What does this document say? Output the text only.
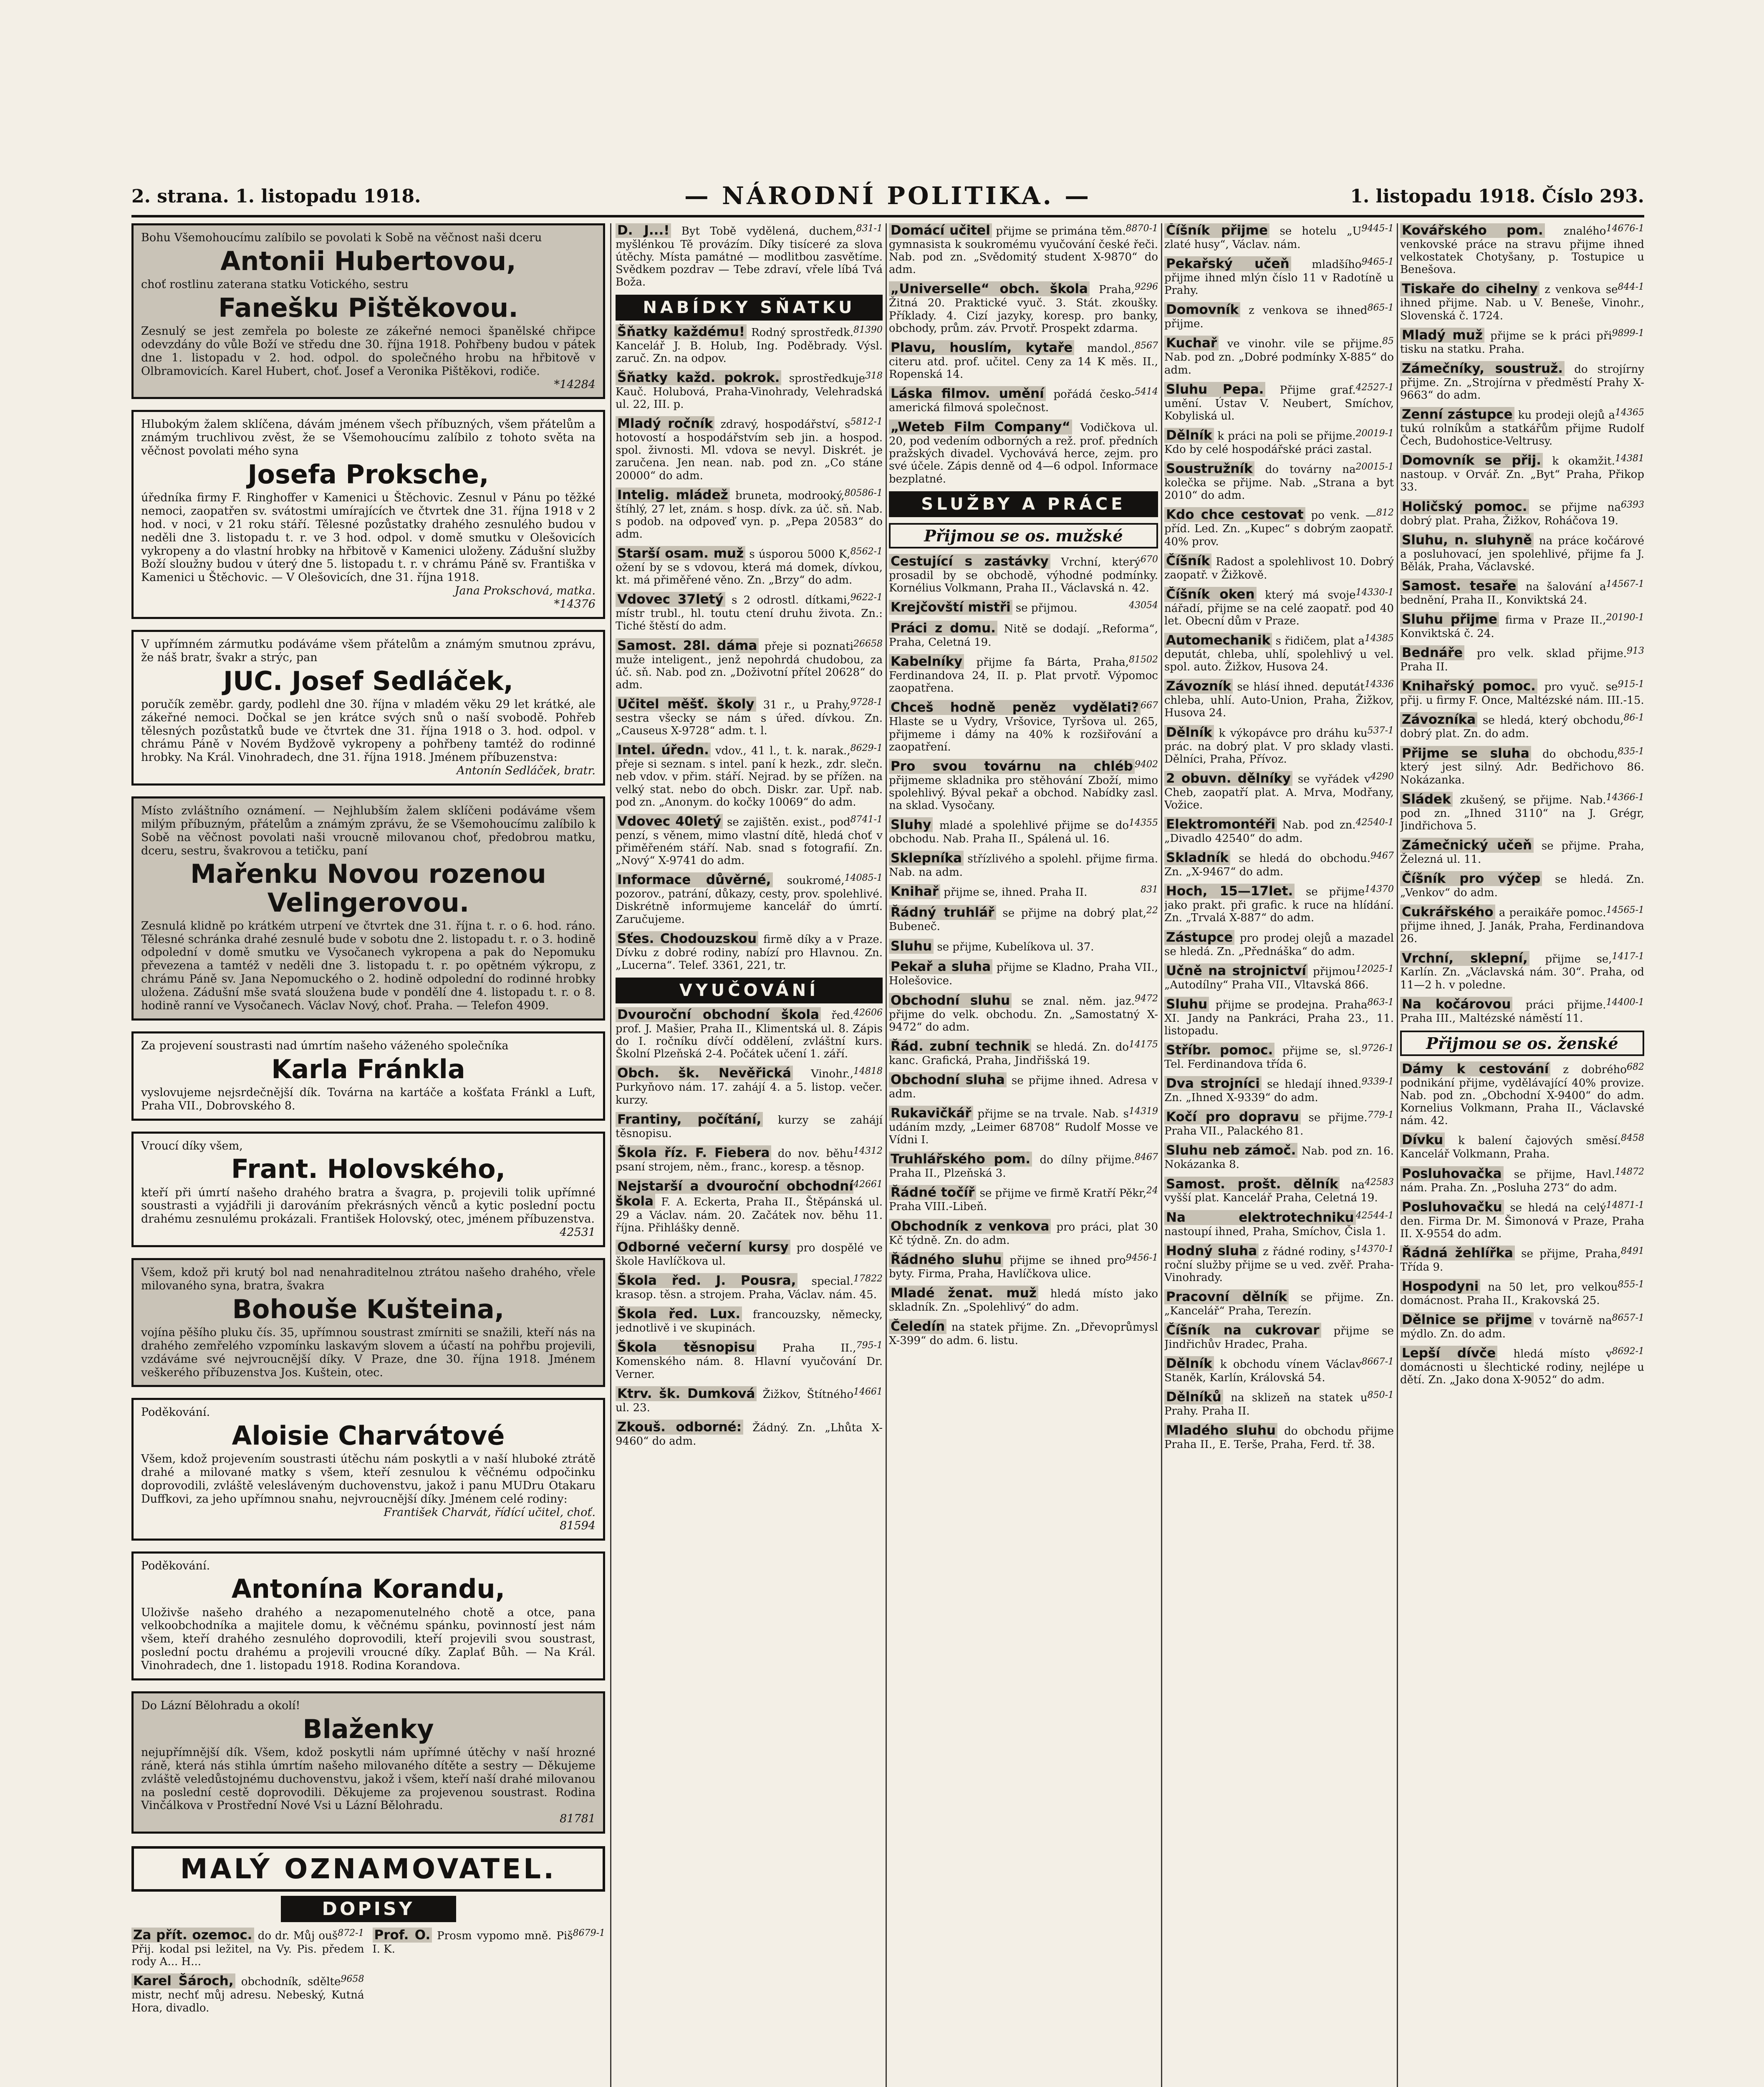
2. strana. 1. listopadu 1918.	— NÁRODNÍ POLITIKA. —	1. listopadu 1918. Číslo 293.
Bohu Všemohoucímu zalíbilo se povolati k Sobě na věčnost naši dceru
Antonii Hubertovou,
choť rostlinu zaterana statku Votického, sestru
Fanešku Pištěkovou.
Zesnulý se jest zemřela po boleste ze zákeřné nemoci španělské chřipce odevzdány do vůle Boží ve středu dne 30. října 1918. Pohřbeny budou v pátek dne 1. listopadu v 2. hod. odpol. do společného hrobu na hřbitově v Olbramovicích. Karel Hubert, choť. Josef a Veronika Pištěkovi, rodiče.
*14284
Hlubokým žalem sklíčena, dávám jménem všech příbuzných, všem přátelům a známým truchlivou zvěst, že se Všemohoucímu zalíbilo z tohoto světa na věčnost povolati mého syna
Josefa Proksche,
úředníka firmy F. Ringhoffer v Kamenici u Štěchovic. Zesnul v Pánu po těžké nemoci, zaopatřen sv. svátostmi umírajících ve čtvrtek dne 31. října 1918 v 2 hod. v noci, v 21 roku stáří. Tělesné pozůstatky drahého zesnulého budou v neděli dne 3. listopadu t. r. ve 3 hod. odpol. v domě smutku v Olešovicích vykropeny a do vlastní hrobky na hřbitově v Kamenici uloženy. Zádušní služby Boží sloužny budou v úterý dne 5. listopadu t. r. v chrámu Páně sv. Františka v Kamenici u Štěchovic. — V Olešovicích, dne 31. října 1918.
Jana Prokschová, matka.
*14376
V upřímném zármutku podáváme všem přátelům a známým smutnou zprávu, že náš bratr, švakr a strýc, pan
JUC. Josef Sedláček,
poručík zeměbr. gardy, podlehl dne 30. října v mladém věku 29 let krátké, ale zákeřné nemoci. Dočkal se jen krátce svých snů o naší svobodě. Pohřeb tělesných pozůstatků bude ve čtvrtek dne 31. října 1918 o 3. hod. odpol. v chrámu Páně v Novém Bydžově vykropeny a pohřbeny tamtéž do rodinné hrobky. Na Král. Vinohradech, dne 31. října 1918. Jménem příbuzenstva:
Antonín Sedláček, bratr.
Místo zvláštního oznámení. — Nejhlubším žalem sklíčeni podáváme všem milým příbuzným, přátelům a známým zprávu, že se Všemohoucímu zalíbilo k Sobě na věčnost povolati naši vroucně milovanou choť, předobrou matku, dceru, sestru, švakrovou a tetičku, paní
Mařenku Novou rozenou Velingerovou.
Zesnulá klidně po krátkém utrpení ve čtvrtek dne 31. října t. r. o 6. hod. ráno. Tělesné schránka drahé zesnulé bude v sobotu dne 2. listopadu t. r. o 3. hodině odpolední v domě smutku ve Vysočanech vykropena a pak do Nepomuku převezena a tamtéž v neděli dne 3. listopadu t. r. po opětném výkropu, z chrámu Páně sv. Jana Nepomuckého o 2. hodině odpolední do rodinné hrobky uložena. Zádušní mše svatá sloužena bude v pondělí dne 4. listopadu t. r. o 8. hodině ranní ve Vysočanech. Václav Nový, choť. Praha. — Telefon 4909.
Za projevení soustrasti nad úmrtím našeho váženého společníka
Karla Fránkla
vyslovujeme nejsrdečnější dík. Továrna na kartáče a košťata Fránkl a Luft, Praha VII., Dobrovského 8.
Vroucí díky všem,
Frant. Holovského,
kteří při úmrtí našeho drahého bratra a švagra, p. projevili tolik upřímné soustrasti a vyjádřili ji darováním překrásných věnců a kytic poslední poctu drahému zesnulému prokázali. František Holovský, otec, jménem příbuzenstva.
42531
Všem, kdož při krutý bol nad nenahraditelnou ztrátou našeho drahého, vřele milovaného syna, bratra, švakra
Bohouše Kušteina,
vojína pěšího pluku čís. 35, upřímnou soustrast zmírniti se snažili, kteří nás na drahého zemřelého vzpomínku laskavým slovem a účastí na pohřbu projevili, vzdáváme své nejvroucnější díky. V Praze, dne 30. října 1918. Jménem veškerého příbuzenstva Jos. Kuštein, otec.
Poděkování.
Aloisie Charvátové
Všem, kdož projevením soustrasti útěchu nám poskytli a v naší hluboké ztrátě drahé a milované matky s všem, kteří zesnulou k věčnému odpočinku doprovodili, zvláště velesláveným duchovenstvu, jakož i panu MUDru Otakaru Duffkovi, za jeho upřímnou snahu, nejvroucnější díky. Jménem celé rodiny:
František Charvát, řídící učitel, choť.
81594
Poděkování.
Antonína Korandu,
Uloživše našeho drahého a nezapomenutelného chotě a otce, pana velkoobchodníka a majitele domu, k věčnému spánku, povinností jest nám všem, kteří drahého zesnulého doprovodili, kteří projevili svou soustrast, poslední poctu drahému a projevili vroucné díky. Zaplať Bůh. — Na Král. Vinohradech, dne 1. listopadu 1918. Rodina Korandova.
Do Lázní Bělohradu a okolí!
Blaženky
nejupřímnější dík. Všem, kdož poskytli nám upřímné útěchy v naší hrozné ráně, která nás stihla úmrtím našeho milovaného dítěte a sestry — Děkujeme zvláště veledůstojnému duchovenstvu, jakož i všem, kteří naší drahé milovanou na poslední cestě doprovodili. Děkujeme za projevenou soustrast. Rodina Vinčálkova v Prostřední Nové Vsi u Lázní Bělohradu.
81781
MALÝ OZNAMOVATEL.
DOPISY
872-1
Za přít. ozemoc. do dr. Můj ouš Přij. kodal psi ležitel, na Vy. Pis. předem rody A... H...
8679-1
Prof. O. Prosm vypomo mně. Piš I. K.
9658
Karel Šároch, obchodník, sdělte mistr, nechť můj adresu. Nebeský, Kutná Hora, divadlo.
831-1
D. J...! Byt Tobě vydělená, duchem, myšlénkou Tě provázím. Díky tisíceré za slova útěchy. Místa památné — modlitbou zasvětíme. Svědkem pozdrav — Tebe zdraví, vřele líbá Tvá Boža.
NABÍDKY SŇATKU
81390
Šňatky každému! Rodný sprostředk. Kancelář J. B. Holub, Ing. Poděbrady. Výsl. zaruč. Zn. na odpov.
318
Šňatky každ. pokrok. sprostředkuje Kauč. Holubová, Praha-Vinohrady, Velehradská ul. 22, III. p.
5812-1
Mladý ročník zdravý, hospodářství, s hotovostí a hospodářstvím seb jin. a hospod. spol. živnosti. Ml. vdova se nevyl. Diskrét. je zaručena. Jen nean. nab. pod zn. „Co stáne 20000“ do adm.
80586-1
Intelig. mládež bruneta, modrooký, štíhlý, 27 let, znám. s hosp. dívk. za úč. sň. Nab. s podob. na odpoveď vyn. p. „Pepa 20583“ do adm.
8562-1
Starší osam. muž s úsporou 5000 K, ožení by se s vdovou, která má domek, dívkou, kt. má přiměřené věno. Zn. „Brzy“ do adm.
9622-1
Vdovec 37letý s 2 odrostl. dítkami, místr trubl., hl. toutu ctení druhu života. Zn.: Tiché štěstí do adm.
26658
Samost. 28l. dáma přeje si poznati muže inteligent., jenž nepohrdá chudobou, za úč. sň. Nab. pod zn. „Doživotní přítel 20628“ do adm.
9728-1
Učitel měšť. školy 31 r., u Prahy, sestra všecky se nám s úřed. dívkou. Zn. „Causeus X-9728“ adm. t. l.
8629-1
Intel. úředn. vdov., 41 l., t. k. narak., přeje si seznam. s intel. paní k hezk., zdr. slečn. neb vdov. v přim. stáří. Nejrad. by se přížen. na velký stat. nebo do obch. Diskr. zar. Upř. nab. pod zn. „Anonym. do kočky 10069“ do adm.
8741-1
Vdovec 40letý se zajištěn. exist., pod penzí, s věnem, mimo vlastní dítě, hledá choť v přiměřeném stáří. Nab. snad s fotografií. Zn. „Nový“ X-9741 do adm.
14085-1
Informace důvěrné, soukromé, pozorov., patrání, důkazy, cesty, prov. spolehlivé. Diskrétně informujeme kancelář do úmrtí. Zaručujeme.
Sťes. Chodouzskou firmě díky a v Praze. Dívku z dobré rodiny, nabízí pro Hlavnou. Zn. „Lucerna“. Telef. 3361, 221, tr.
VYUČOVÁNÍ
42606
Dvouroční obchodní škola řed. prof. J. Mašier, Praha II., Klimentská ul. 8. Zápis do I. ročníku dívčí oddělení, zvláštní kurs. Školní Plzeňská 2-4. Počátek učení 1. září.
14818
Obch. šk. Nevěřická Vinohr., Purkyňovo nám. 17. zahájí 4. a 5. listop. večer. kurzy.
Frantiny, počítání, kurzy se zahájí těsnopisu.
14312
Škola říz. F. Fiebera do nov. běhu psaní strojem, něm., franc., koresp. a těsnop.
42661
Nejstarší a dvouroční obchodní škola F. A. Eckerta, Praha II., Štěpánská ul. 29 a Václav. nám. 20. Začátek nov. běhu 11. října. Přihlášky denně.
Odborné večerní kursy pro dospělé ve škole Havlíčkova ul.
17822
Škola řed. J. Pousra, special. krasop. těsn. a strojem. Praha, Václav. nám. 45.
Škola řed. Lux. francouzsky, německy, jednotlivě i ve skupinách.
795-1
Škola těsnopisu	Praha II., Komenského nám. 8. Hlavní vyučování Dr. Verner.
14661
Ktrv. šk. Dumková Žižkov, Štítného ul. 23.
Zkouš. odborné: Žádný. Zn. „Lhůta X-9460“ do adm.
8870-1
Domácí učitel přijme se primána těm. gymnasista k soukromému vyučování české řeči. Nab. pod zn. „Svědomitý student X-9870“ do adm.
9296
„Universelle“ obch. škola Praha, Žitná 20. Praktické vyuč. 3. Stát. zkoušky. Příklady. 4. Cizí jazyky, koresp. pro banky, obchody, prům. záv. Prvotř. Prospekt zdarma.
8567
Plavu, houslím, kytaře mandol., citeru atd. prof. učitel. Ceny za 14 K měs. II., Ropenská 14.
5414
Láska filmov. umění pořádá česko-americká filmová společnost.
„Weteb Film Company“ Vodičkova ul. 20, pod vedením odborných a rež. prof. předních pražských divadel. Vychovává herce, zejm. pro své účele. Zápis denně od 4—6 odpol. Informace bezplatné.
SLUŽBY A PRÁCE
Přijmou se os. mužské
670
Cestující s zastávky Vrchní, který prosadil by se obchodě, výhodné podmínky. Kornélius Volkmann, Praha II., Václavská n. 42.
43054
Krejčovští mistři se přijmou.
Práci z domu. Nitě se dodají. „Reforma“, Praha, Celetná 19.
81502
Kabelníky přijme fa Bárta, Praha, Ferdinandova 24, II. p. Plat prvotř. Výpomoc zaopatřena.
667
Chceš hodně peněz vydělati? Hlaste se u Vydry, Vršovice, Tyršova ul. 265, přijmeme i dámy na 40% k rozšiřování a zaopatření.
9402
Pro svou továrnu na chléb přijmeme skladnika pro stěhování Zboží, mimo spolehlivý. Býval pekař a obchod. Nabídky zasl. na sklad. Vysočany.
14355
Sluhy mladé a spolehlivé přijme se do obchodu. Nab. Praha II., Spálená ul. 16.
Sklepníka střízlivého a spolehl. přijme firma. Nab. na adm.
831
Knihař přijme se, ihned. Praha II.
22
Řádný truhlář se přijme na dobrý plat, Bubeneč.
Sluhu se přijme, Kubelíkova ul. 37.
Pekař a sluha přijme se Kladno, Praha VII., Holešovice.
9472
Obchodní sluhu se znal. něm. jaz. přijme do velk. obchodu. Zn. „Samostatný X-9472“ do adm.
14175
Řád. zubní technik se hledá. Zn. do kanc. Grafická, Praha, Jindřišská 19.
Obchodní sluha se přijme ihned. Adresa v adm.
14319
Rukavičkář přijme se na trvale. Nab. s udáním mzdy, „Leimer 68708“ Rudolf Mosse ve Vídni I.
8467
Truhlářského pom. do dílny přijme. Praha II., Plzeňská 3.
24
Řádné točíř se přijme ve firmě Kratří Pěkr, Praha VIII.-Libeň.
Obchodník z venkova pro práci, plat 30 Kč týdně. Zn. do adm.
9456-1
Řádného sluhu přijme se ihned pro byty. Firma, Praha, Havlíčkova ulice.
Mladé ženat. muž hledá místo jako skladník. Zn. „Spolehlivý“ do adm.
Čeledín na statek přijme. Zn. „Dřevoprůmysl X-399“ do adm. 6. listu.
9445-1
Číšník přijme se hotelu „U zlaté husy“, Václav. nám.
9465-1
Pekařský učeň mladšího přijme ihned mlýn číslo 11 v Radotíně u Prahy.
865-1
Domovník z venkova se ihned přijme.
85
Kuchař ve vinohr. vile se přijme. Nab. pod zn. „Dobré podmínky X-885“ do adm.
42527-1
Sluhu Pepa. Přijme graf. umění. Ústav V. Neubert, Smíchov, Kobyliská ul.
20019-1
Dělník k práci na poli se přijme. Kdo by celé hospodářské práci zastal.
20015-1
Soustružník do továrny na kolečka se přijme. Nab. „Strana a byt 2010“ do adm.
812
Kdo chce cestovat po venk. — příd. Led. Zn. „Kupec“ s dobrým zaopatř. 40% prov.
Číšník Radost a spolehlivost 10. Dobrý zaopatř. v Žižkově.
14330-1
Číšník oken který má svoje nářadí, přijme se na celé zaopatř. pod 40 let. Obecní dům v Praze.
14385
Automechanik s řidičem, plat a deputát, chleba, uhlí, spolehlivý u vel. spol. auto. Žižkov, Husova 24.
14336
Závozník se hlásí ihned. deputát chleba, uhlí. Auto-Union, Praha, Žižkov, Husova 24.
537-1
Dělník k výkopávce pro dráhu ku prác. na dobrý plat. V pro sklady vlasti. Dělníci, Praha, Přívoz.
4290
2 obuvn. dělníky se vyřádek v Cheb, zaopatří plat. A. Mrva, Modřany, Vožice.
42540-1
Elektromontéři Nab. pod zn. „Divadlo 42540“ do adm.
9467
Skladník se hledá do obchodu. Zn. „X-9467“ do adm.
14370
Hoch, 15—17let. se přijme jako prakt. při grafic. k ruce na hlídání. Zn. „Trvalá X-887“ do adm.
Zástupce pro prodej olejů a mazadel se hledá. Zn. „Přednáška“ do adm.
12025-1
Učně na strojnictví přijmou „Autodílny“ Praha VII., Vltavská 866.
863-1
Sluhu přijme se prodejna. Praha XI. Jandy na Pankráci, Praha 23., 11. listopadu.
9726-1
Stříbr. pomoc. přijme se, sl. Tel. Ferdinandova třída 6.
9339-1
Dva strojníci se hledají ihned. Zn. „Ihned X-9339“ do adm.
779-1
Kočí pro dopravu se přijme. Praha VII., Palackého 81.
Sluhu neb zámoč. Nab. pod zn. 16. Nokázanka 8.
42583
Samost. prošt. dělník na vyšší plat. Kancelář Praha, Celetná 19.
42544-1
Na elektrotechniku nastoupí ihned, Praha, Smíchov, Čisla 1.
14370-1
Hodný sluha z řádné rodiny, s roční služby přijme se u ved. zvěř. Praha-Vinohrady.
Pracovní dělník se přijme. Zn. „Kancelář“ Praha, Terezín.
Číšník na cukrovar přijme se Jindřichův Hradec, Praha.
8667-1
Dělník k obchodu vínem Václav Staněk, Karlín, Královská 54.
850-1
Dělníků na sklizeň na statek u Prahy. Praha II.
Mladého sluhu do obchodu přijme Praha II., E. Terše, Praha, Ferd. tř. 38.
14676-1
Kovářského pom. znalého venkovské práce na stravu přijme ihned velkostatek Chotyšany, p. Tostupice u Benešova.
844-1
Tiskaře do cihelny z venkova se ihned přijme. Nab. u V. Beneše, Vinohr., Slovenská č. 1724.
9899-1
Mladý muž přijme se k práci při tisku na statku. Praha.
Zámečníky, soustruž. do strojírny přijme. Zn. „Strojírna v předměstí Prahy X-9663“ do adm.
14365
Zenní zástupce ku prodeji olejů a tukú rolníkům a statkářům přijme Rudolf Čech, Budohostice-Veltrusy.
14381
Domovník se přij. k okamžit. nastoup. v Orvář. Zn. „Byt“ Praha, Přikop 33.
6393
Holičský pomoc. se přijme na dobrý plat. Praha, Žižkov, Roháčova 19.
Sluhu, n. sluhyně na práce kočárové a posluhovací, jen spolehlivé, přijme fa J. Bělák, Praha, Václavské.
14567-1
Samost. tesaře na šalování a bednění, Praha II., Konviktská 24.
20190-1
Sluhu přijme firma v Praze II., Konviktská č. 24.
913
Bednáře pro velk. sklad přijme. Praha II.
915-1
Knihařský pomoc. pro vyuč. se přij. u firmy F. Once, Maltézské nám. III.-15.
86-1
Závozníka se hledá, který obchodu, dobrý plat. Zn. do adm.
835-1
Přijme se sluha do obchodu, který jest silný. Adr. Bedřichovo 86. Nokázanka.
14366-1
Sládek zkušený, se přijme. Nab. pod zn. „Ihned 3110“ na J. Grégr, Jindřichova 5.
Zámečnický učeň se přijme. Praha, Železná ul. 11.
Číšník pro výčep se hledá. Zn. „Venkov“ do adm.
14565-1
Cukrářského a peraikáře pomoc. přijme ihned, J. Janák, Praha, Ferdinandova 26.
1417-1
Vrchní, sklepní, přijme se, Karlín. Zn. „Václavská nám. 30“. Praha, od 11—2 h. v poledne.
14400-1
Na kočárovou práci přijme. Praha III., Maltézské náměstí 11.
Přijmou se os. ženské
682
Dámy k cestování z dobrého podnikání přijme, vydělávající 40% provize. Nab. pod zn. „Obchodní X-9400“ do adm. Kornelius Volkmann, Praha II., Václavské nám. 42.
8458
Dívku k balení čajových směsí. Kancelář Volkmann, Praha.
14872
Posluhovačka se přijme, Havl. nám. Praha. Zn. „Posluha 273“ do adm.
14871-1
Posluhovačku se hledá na celý den. Firma Dr. M. Šimonová v Praze, Praha II. X-9554 do adm.
8491
Řádná žehlířka se přijme, Praha, Třída 9.
855-1
Hospodyni na 50 let, pro velkou domácnost. Praha II., Krakovská 25.
8657-1
Dělnice se přijme v továrně na mýdlo. Zn. do adm.
8692-1
Lepší dívče hledá místo v domácnosti u šlechtické rodiny, nejlépe u dětí. Zn. „Jako dona X-9052“ do adm.
